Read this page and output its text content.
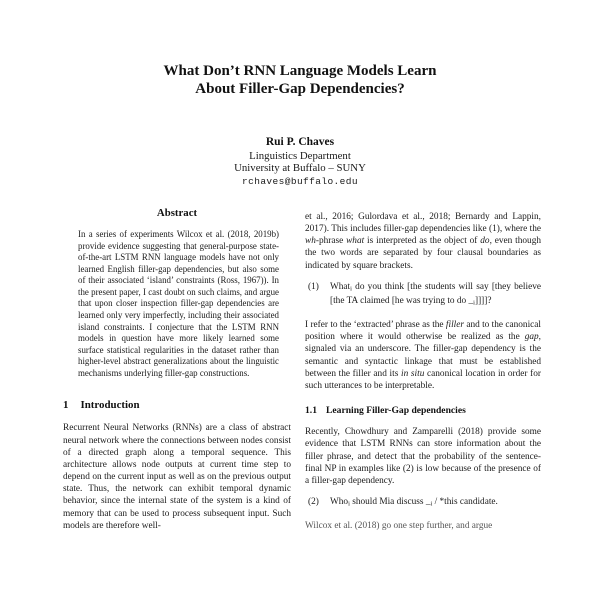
What Don’t RNN Language Models Learn
About Filler-Gap Dependencies?
Rui P. Chaves
Linguistics Department
University at Buffalo – SUNY
rchaves@buffalo.edu
Abstract

In a series of experiments Wilcox et al. (2018, 2019b) provide evidence suggesting that general-purpose state-of-the-art LSTM RNN language models have not only learned English filler-gap dependencies, but also some of their associated ‘island’ constraints (Ross, 1967)). In the present paper, I cast doubt on such claims, and argue that upon closer inspection filler-gap dependencies are learned only very imperfectly, including their associated island constraints. I conjecture that the LSTM RNN models in question have more likely learned some surface statistical regularities in the dataset rather than higher-level abstract generalizations about the linguistic mechanisms underlying filler-gap constructions.

1 Introduction

Recurrent Neural Networks (RNNs) are a class of abstract neural network where the connections between nodes consist of a directed graph along a temporal sequence. This architecture allows node outputs at current time step to depend on the current input as well as on the previous output state. Thus, the network can exhibit temporal dynamic behavior, since the internal state of the system is a kind of memory that can be used to process subsequent input. Such models are therefore well-

et al., 2016; Gulordava et al., 2018; Bernardy and Lappin, 2017). This includes filler-gap dependencies like (1), where the wh-phrase what is interpreted as the object of do, even though the two words are separated by four clausal boundaries as indicated by square brackets.

(1)	Whati do you think [the students will say [they believe [the TA claimed [he was trying to do _i]]]]?

I refer to the ‘extracted’ phrase as the filler and to the canonical position where it would otherwise be realized as the gap, signaled via an underscore. The filler-gap dependency is the semantic and syntactic linkage that must be established between the filler and its in situ canonical location in order for such utterances to be interpretable.

1.1 Learning Filler-Gap dependencies

Recently, Chowdhury and Zamparelli (2018) provide some evidence that LSTM RNNs can store information about the filler phrase, and detect that the probability of the sentence-final NP in examples like (2) is low because of the presence of a filler-gap dependency.

(2)	Whoi should Mia discuss _i / *this candidate.

Wilcox et al. (2018) go one step further, and argue
